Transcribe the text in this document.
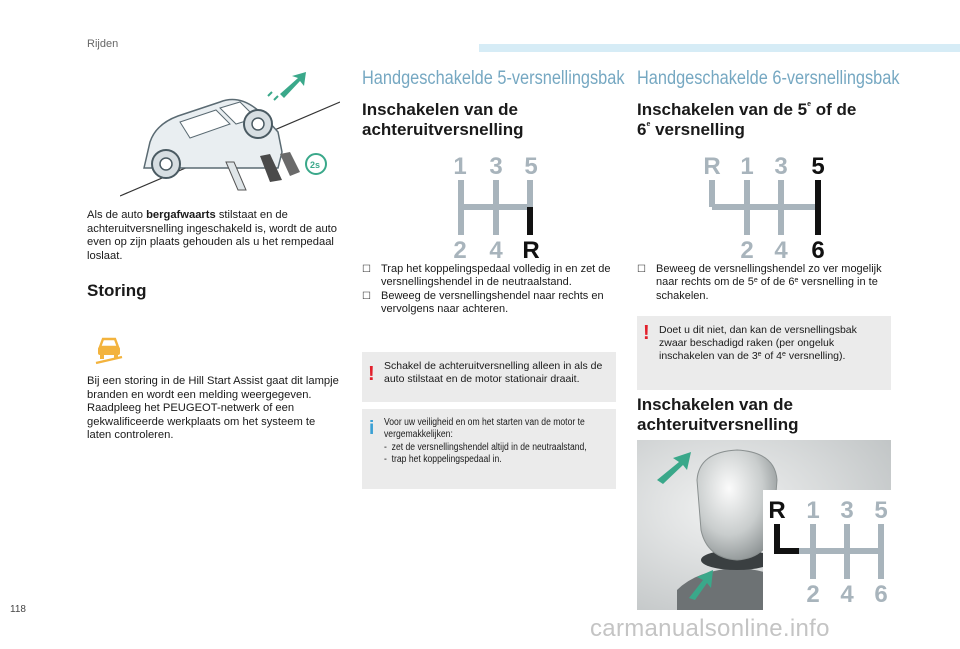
Rijden
2s
Als de auto bergafwaarts stilstaat en de achteruitversnelling ingeschakeld is, wordt de auto even op zijn plaats gehouden als u het rempedaal loslaat.
Storing
Bij een storing in de Hill Start Assist gaat dit lampje branden en wordt een melding weergegeven. Raadpleeg het PEUGEOT-netwerk of een gekwalificeerde werkplaats om het systeem te laten controleren.
Handgeschakelde 5-versnellingsbak
Inschakelen van de
achteruitversnelling
1 3 5
2 4 R
☐ Trap het koppelingspedaal volledig in en zet de versnellingshendel in de neutraalstand.
☐ Beweeg de versnellingshendel naar rechts en vervolgens naar achteren.
! Schakel de achteruitversnelling alleen in als de auto stilstaat en de motor stationair draait.
i Voor uw veiligheid en om het starten van de motor te vergemakkelijken:
-  zet de versnellingshendel altijd in de neutraalstand,
-  trap het koppelingspedaal in.
Handgeschakelde 6-versnellingsbak
Inschakelen van de 5e of de
6e versnelling
R 1 3 5
2 4 6
☐ Beweeg de versnellingshendel zo ver mogelijk naar rechts om de 5e of de 6e versnelling in te schakelen.
! Doet u dit niet, dan kan de versnellingsbak zwaar beschadigd raken (per ongeluk inschakelen van de 3e of 4e versnelling).
Inschakelen van de
achteruitversnelling
R 1 3 5
2 4 6
118
carmanualsonline.info
